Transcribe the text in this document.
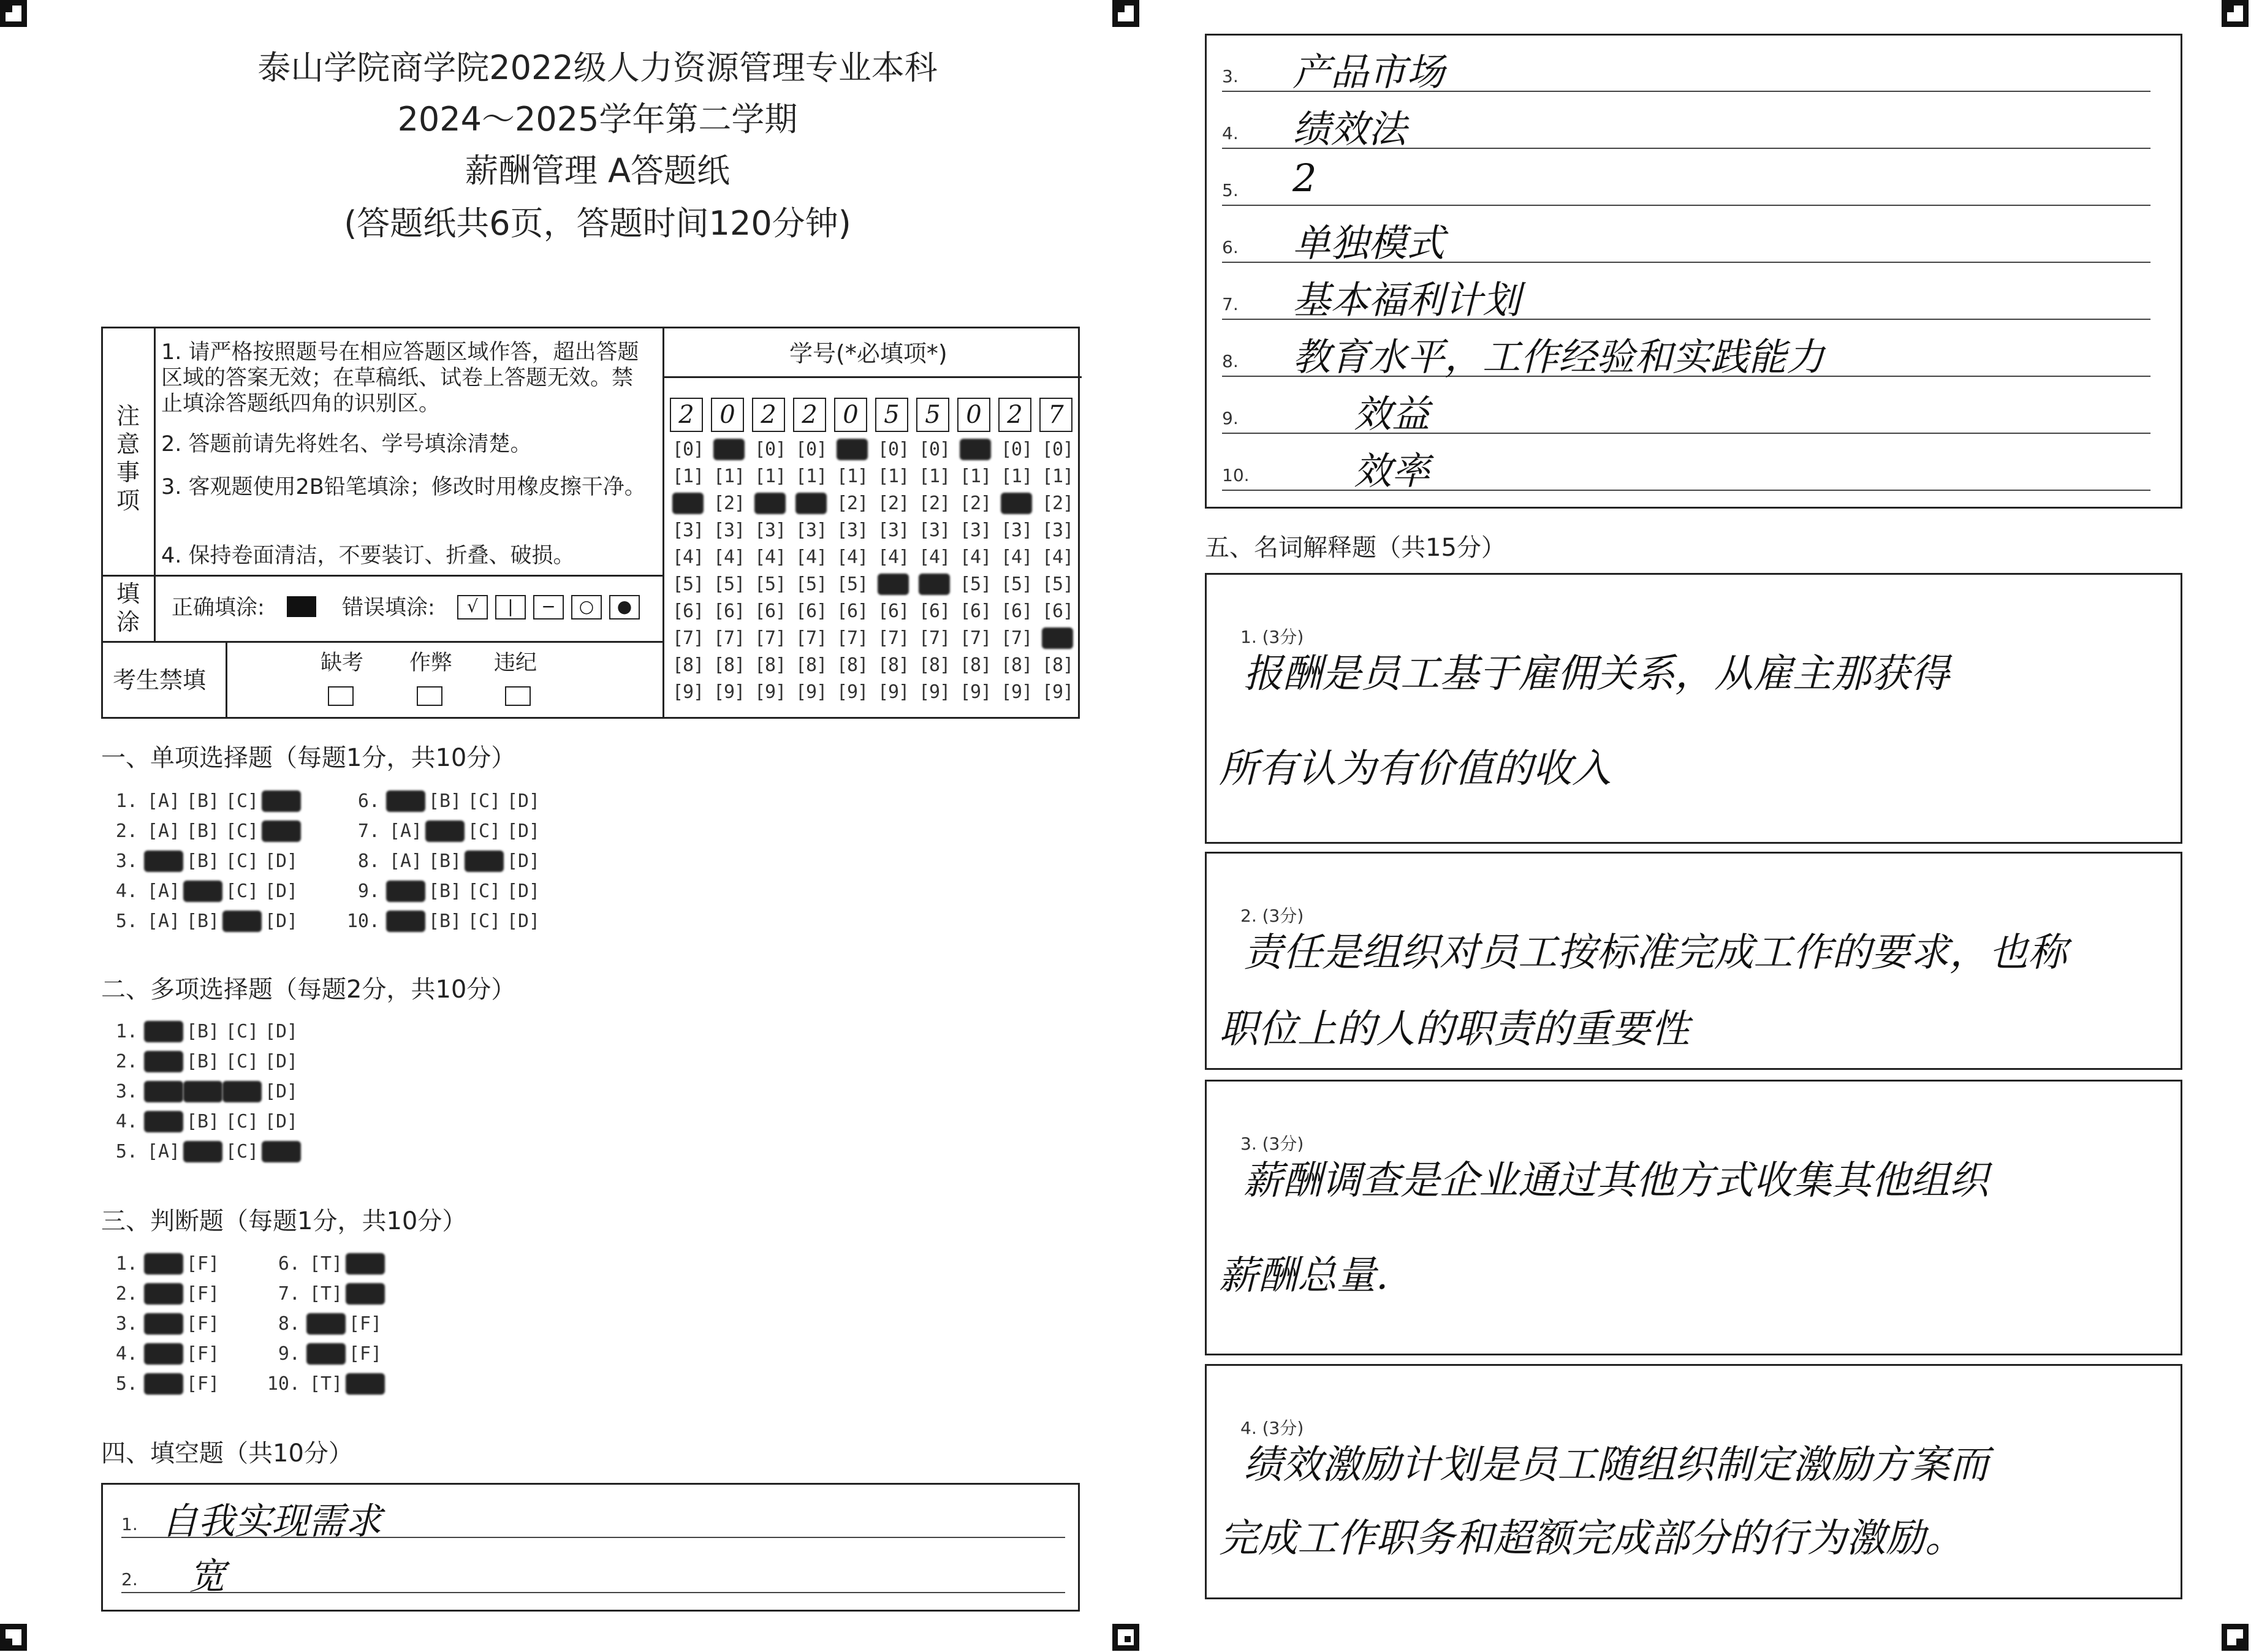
泰山学院商学院2022级人力资源管理专业本科
2024～2025学年第二学期
薪酬管理 A答题纸
(答题纸共6页，答题时间120分钟)
注意事项
1. 请严格按照题号在相应答题区域作答，超出答题区域的答案无效；在草稿纸、试卷上答题无效。禁止填涂答题纸四角的识别区。
2. 答题前请先将姓名、学号填涂清楚。
3. 客观题使用2B铅笔填涂；修改时用橡皮擦干净。
4. 保持卷面清洁，不要装订、折叠、破损。
填涂
正确填涂:	错误填涂:	√ | − ○ ●
考生禁填
缺考 作弊 违纪
学号(*必填项*)
2	0	2	2	0	5	5	0	2	7
[0] [0] [0] [0] [0] [0] [0] [0] [0] [0]
[1] [1] [1] [1] [1] [1] [1] [1] [1] [1]
[2] [2] [2] [2] [2] [2] [2] [2] [2] [2]
[3] [3] [3] [3] [3] [3] [3] [3] [3] [3]
[4] [4] [4] [4] [4] [4] [4] [4] [4] [4]
[5] [5] [5] [5] [5] [5] [5] [5] [5] [5]
[6] [6] [6] [6] [6] [6] [6] [6] [6] [6]
[7] [7] [7] [7] [7] [7] [7] [7] [7] [7]
[8] [8] [8] [8] [8] [8] [8] [8] [8] [8]
[9] [9] [9] [9] [9] [9] [9] [9] [9] [9]
一、单项选择题（每题1分，共10分）
1. [A] [B] [C] [D]
2. [A] [B] [C] [D]
3. [A] [B] [C] [D]
4. [A] [B] [C] [D]
5. [A] [B] [C] [D]
6. [A] [B] [C] [D]
7. [A] [B] [C] [D]
8. [A] [B] [C] [D]
9. [A] [B] [C] [D]
10. [A] [B] [C] [D]
二、多项选择题（每题2分，共10分）
1. [A] [B] [C] [D]
2. [A] [B] [C] [D]
3. [A] [B] [C] [D]
4. [A] [B] [C] [D]
5. [A] [B] [C] [D]
三、判断题（每题1分，共10分）
1. [T] [F]
2. [T] [F]
3. [T] [F]
4. [T] [F]
5. [T] [F]
6. [T] [F]
7. [T] [F]
8. [T] [F]
9. [T] [F]
10. [T] [F]
四、填空题（共10分）
1. 自我实现需求
2. 宽
3. 产品市场
4. 绩效法
5. 2
6. 单独模式
7. 基本福利计划
8. 教育水平，工作经验和实践能力
9.	效益
10.	效率
五、名词解释题（共15分）
1. (3分)
报酬是员工基于雇佣关系，从雇主那获得
所有认为有价值的收入
2. (3分)
责任是组织对员工按标准完成工作的要求，也称
职位上的人的职责的重要性
3. (3分)
薪酬调查是企业通过其他方式收集其他组织
薪酬总量.
4. (3分)
绩效激励计划是员工随组织制定激励方案而
完成工作职务和超额完成部分的行为激励。
